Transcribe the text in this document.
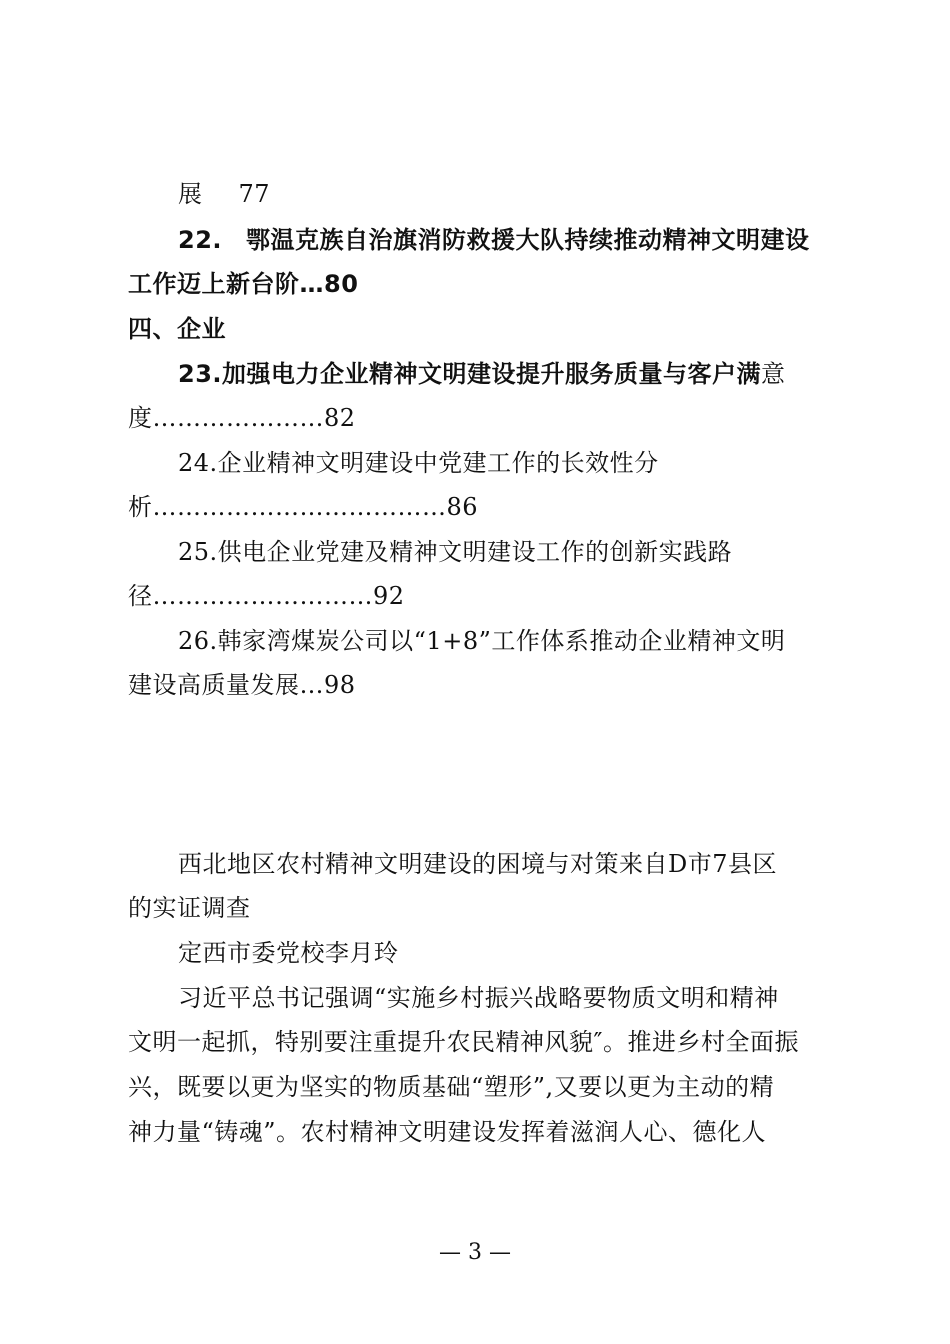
展 77
22. 鄂温克族自治旗消防救援大队持续推动精神文明建设
工作迈上新台阶…80
四、企业
23.加强电力企业精神文明建设提升服务质量与客户满意
度…………………82
24.企业精神文明建设中党建工作的长效性分
析………………………………86
25.供电企业党建及精神文明建设工作的创新实践路
径………………………92
26.韩家湾煤炭公司以“1+8”工作体系推动企业精神文明
建设高质量发展…98
西北地区农村精神文明建设的困境与对策来自D市7县区
的实证调查
定西市委党校李月玲
习近平总书记强调“实施乡村振兴战略要物质文明和精神
文明一起抓，特别要注重提升农民精神风貌″。推进乡村全面振
兴，既要以更为坚实的物质基础“塑形”,又要以更为主动的精
神力量“铸魂”。农村精神文明建设发挥着滋润人心、德化人
— 3 —
